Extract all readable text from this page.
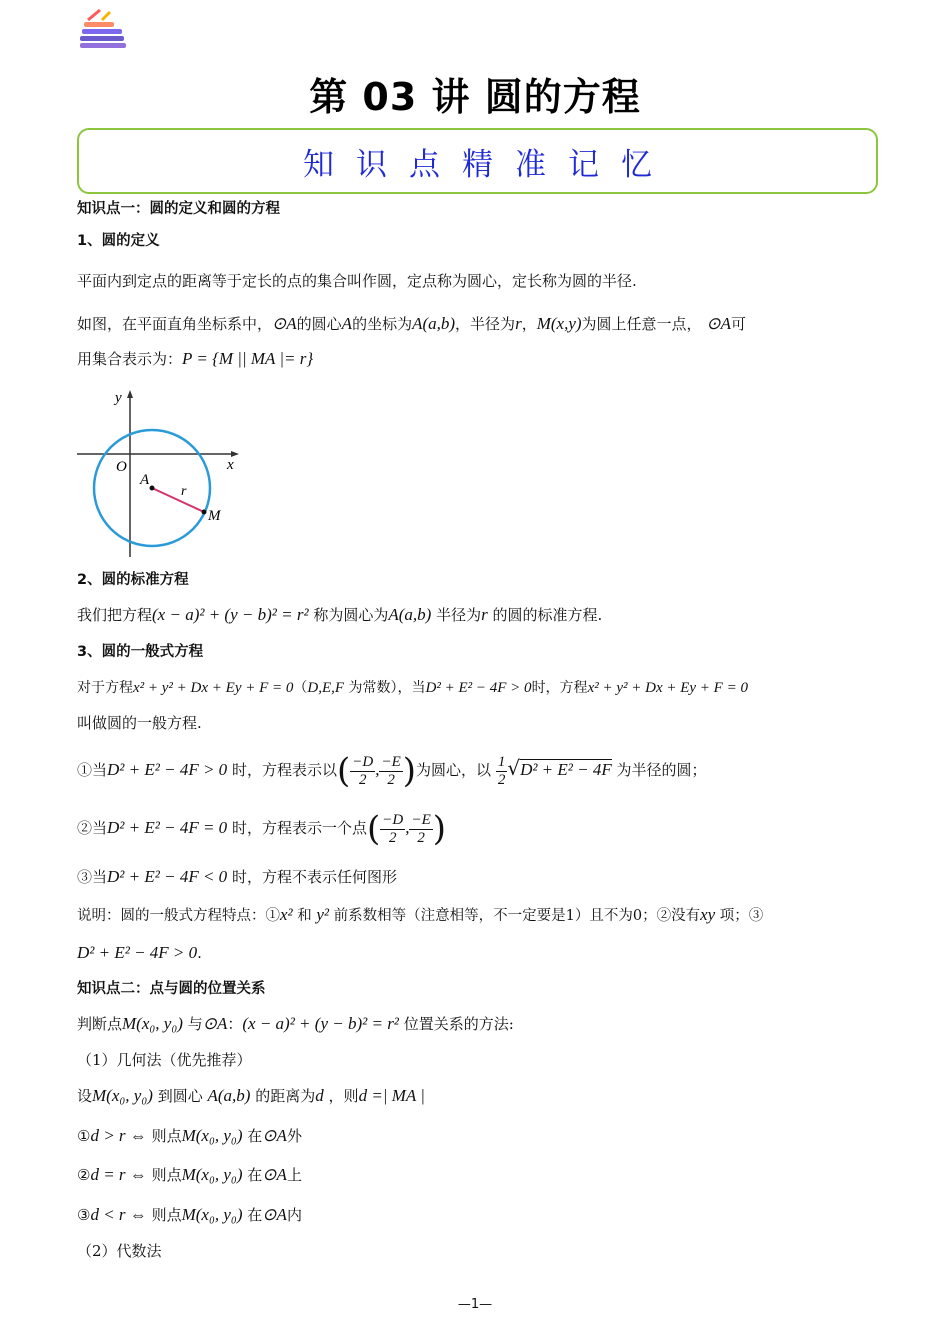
第 03 讲 圆的方程
知识点精准记忆
知识点一：圆的定义和圆的方程
1、圆的定义
平面内到定点的距离等于定长的点的集合叫作圆，定点称为圆心，定长称为圆的半径.
如图，在平面直角坐标系中，⊙A的圆心A的坐标为A(a,b)，半径为r，M(x,y)为圆上任意一点， ⊙A可
用集合表示为：P = {M || MA |= r}
y
x
O
A
r
M
2、圆的标准方程
我们把方程(x − a)² + (y − b)² = r² 称为圆心为A(a,b) 半径为r 的圆的标准方程.
3、圆的一般式方程
对于方程x² + y² + Dx + Ey + F = 0（D,E,F 为常数），当D² + E² − 4F > 0时，方程x² + y² + Dx + Ey + F = 0
叫做圆的一般方程.
①当D² + E² − 4F > 0 时，方程表示以( $\frac{-D}{2}$ , $\frac{-E}{2}$ )为圆心，以 $\frac{1}{2} √D^2 + E^2 - 4F$ 为半径的圆；
②当D² + E² − 4F = 0 时，方程表示一个点( $\frac{-D}{2}$ , $\frac{-E}{2}$ )
③当D² + E² − 4F < 0 时，方程不表示任何图形
说明：圆的一般式方程特点：①x² 和 y² 前系数相等（注意相等，不一定要是1）且不为0；②没有xy 项；③
D² + E² − 4F > 0.
知识点二：点与圆的位置关系
判断点M(x₀, y₀) 与⊙A：(x − a)² + (y − b)² = r² 位置关系的方法:
（1）几何法（优先推荐）
设M(x₀, y₀) 到圆心 A(a,b) 的距离为d ，则d =| MA |
①d > r ⇔ 则点M(x₀, y₀) 在⊙A外
②d = r ⇔ 则点M(x₀, y₀) 在⊙A上
③d < r ⇔ 则点M(x₀, y₀) 在⊙A内
（2）代数法
—1—
